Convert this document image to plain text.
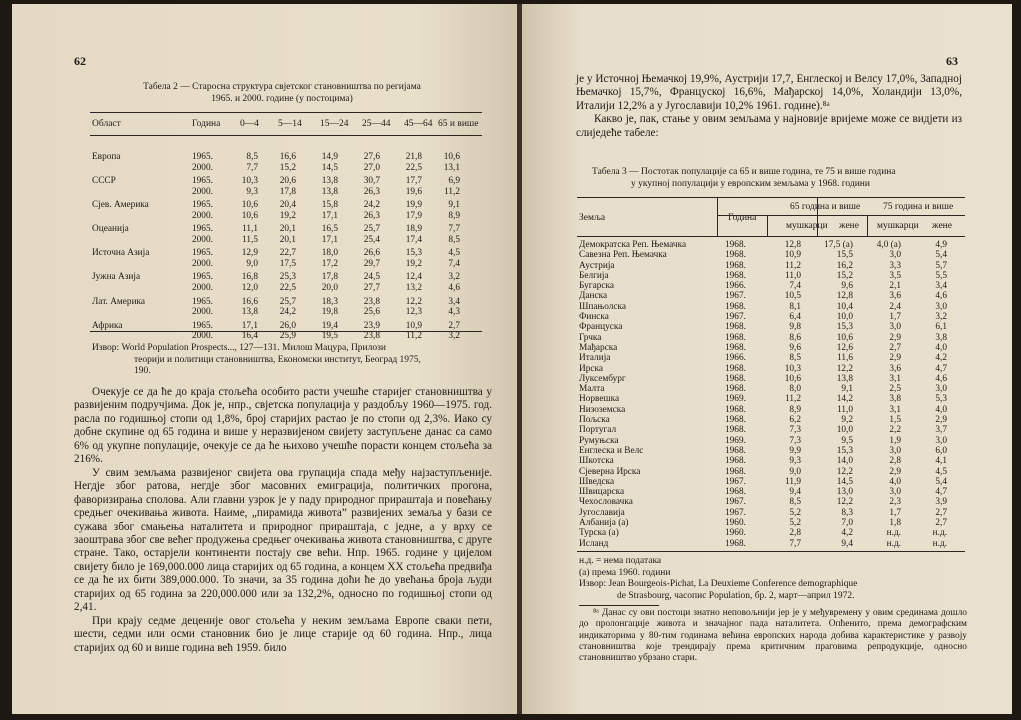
62
Табела 2 — Старосна структура свјетског становништва по регијама
1965. и 2000. године (у постоцима)
Област	Година 0—4 5—14 15—24 25—44 45—64 65 и више
Европа	1965.	8,5	16,6	14,9	27,6	21,8	10,6
2000.	7,7	15,2	14,5	27,0	22,5	13,1
СССР	1965.	10,3	20,6	13,8	30,7	17,7	6,9
2000.	9,3	17,8	13,8	26,3	19,6	11,2
Сјев. Америка	1965.	10,6	20,4	15,8	24,2	19,9	9,1
2000.	10,6	19,2	17,1	26,3	17,9	8,9
Оцеанија	1965.	11,1	20,1	16,5	25,7	18,9	7,7
2000.	11,5	20,1	17,1	25,4	17,4	8,5
Источна Азија	1965.	12,9	22,7	18,0	26,6	15,3	4,5
2000.	9,0	17,5	17,2	29,7	19,2	7,4
Јужна Азија	1965.	16,8	25,3	17,8	24,5	12,4	3,2
2000.	12,0	22,5	20,0	27,7	13,2	4,6
Лат. Америка	1965.	16,6	25,7	18,3	23,8	12,2	3,4
2000.	13,8	24,2	19,8	25,6	12,3	4,3
Африка	1965.	17,1	26,0	19,4	23,9	10,9	2,7
2000.	16,4	25,9	19,5	23,8	11,2	3,2
Извор: World Population Prospects..., 127—131. Милош Мацура, Прилози
теорији и политици становништва, Економски институт, Београд 1975,
190.

Очекује се да ће до краја стољећа особито расти учешће старијег становништва у развијеним подручјима. Док је, нпр., свјетска популација у раздобљу 1960—1975. год. расла по годишњој стопи од 1,8%, број старијих растао је по стопи од 2,3%. Иако су добне скупине од 65 година и више у неразвијеном свијету заступљене данас са само 6% од укупне популације, очекује се да ће њихово учешће порасти концем стољећа за 216%.

У свим земљама развијеног свијета ова групација спада међу најзаступљеније. Негдје због ратова, негдје због масовних емиграција, политичких прогона, фаворизирања сполова. Али главни узрок је у паду природног прираштаја и повећању средњег очекивања живота. Наиме, „пирамида живота” развијених земаља у бази се сужава због смањења наталитета и природног прираштаја, с једне, а у врху се заоштрава због све већег продужења средњег очекивања живота становништва, с друге стране. Тако, остарјели континенти постају све већи. Нпр. 1965. године у цијелом свијету било је 169,000.000 лица старијих од 65 година, а концем XX стољећа предвиђа се да ће их бити 389,000.000. То значи, за 35 година доћи ће до увећања броја људи старијих од 65 година за 220,000.000 или за 132,2%, односно по годишњој стопи од 2,41.

При крају седме деценије овог стољећа у неким земљама Европе сваки пети, шести, седми или осми становник био је лице старије од 60 година. Нпр., лица старијих од 60 и више година већ 1959. било

63

је у Источној Њемачкој 19,9%, Аустрији 17,7, Енглеској и Велсу 17,0%, Западној Њемачкој 15,7%, Француској 16,6%, Мађарској 14,0%, Холандији 13,0%, Италији 12,2% а у Југославији 10,2% 1961. године).⁸ᵃ

Какво је, пак, стање у овим земљама у најновије вријеме може се видјети из слиједеће табеле:

Табела 3 — Постотак популације са 65 и више година, те 75 и више година
у укупној популацији у европским земљама у 1968. години
Земља	Година
65 година и више 75 година и више
мушкарци жене мушкарци жене
Демократска Реп. Њемачка	1968.	12,8	17,5 (а)	4,0 (а)	4,9
Савезна Реп. Њемачка	1968.	10,9	15,5	3,0	5,4
Аустрија	1968.	11,2	16,2	3,3	5,7
Белгија	1968.	11,0	15,2	3,5	5,5
Бугарска	1966.	7,4	9,6	2,1	3,4
Данска	1967.	10,5	12,8	3,6	4,6
Шпањолска	1968.	8,1	10,4	2,4	3,0
Финска	1967.	6,4	10,0	1,7	3,2
Француска	1968.	9,8	15,3	3,0	6,1
Грчка	1968.	8,6	10,6	2,9	3,8
Мађарска	1968.	9,6	12,6	2,7	4,0
Италија	1966.	8,5	11,6	2,9	4,2
Ирска	1968.	10,3	12,2	3,6	4,7
Луксембург	1968.	10,6	13,8	3,1	4,6
Малта	1968.	8,0	9,1	2,5	3,0
Норвешка	1969.	11,2	14,2	3,8	5,3
Низоземска	1968.	8,9	11,0	3,1	4,0
Пољска	1968.	6,2	9,2	1,5	2,9
Португал	1968.	7,3	10,0	2,2	3,7
Румуњска	1969.	7,3	9,5	1,9	3,0
Енглеска и Велс	1968.	9,9	15,3	3,0	6,0
Шкотска	1968.	9,3	14,0	2,8	4,1
Сјеверна Ирска	1968.	9,0	12,2	2,9	4,5
Шведска	1967.	11,9	14,5	4,0	5,4
Швицарска	1968.	9,4	13,0	3,0	4,7
Чехословачка	1967.	8,5	12,2	2,3	3,9
Југославија	1967.	5,2	8,3	1,7	2,7
Албанија (а)	1960.	5,2	7,0	1,8	2,7
Турска (а)	1960.	2,8	4,2	н.д.	н.д.
Исланд	1968.	7,7	9,4	н.д.	н.д.
н.д. = нема података
(а) према 1960. години
Извор: Jean Bourgeois-Pichat, La Deuxieme Conference demographique
de Strasbourg, часопис Population, бр. 2, март—април 1972.
⁸ᵃ Данас су ови постоци знатно неповољнији јер је у међувремену у овим срединама дошло до пролонгације живота и значајног пада наталитета. Опћенито, према демографским индикаторима у 80-тим годинама већина европских народа добива карактеристике у развоју становништва које трендирају према критичним праговима репродукције, односно становништво убрзано стари.
